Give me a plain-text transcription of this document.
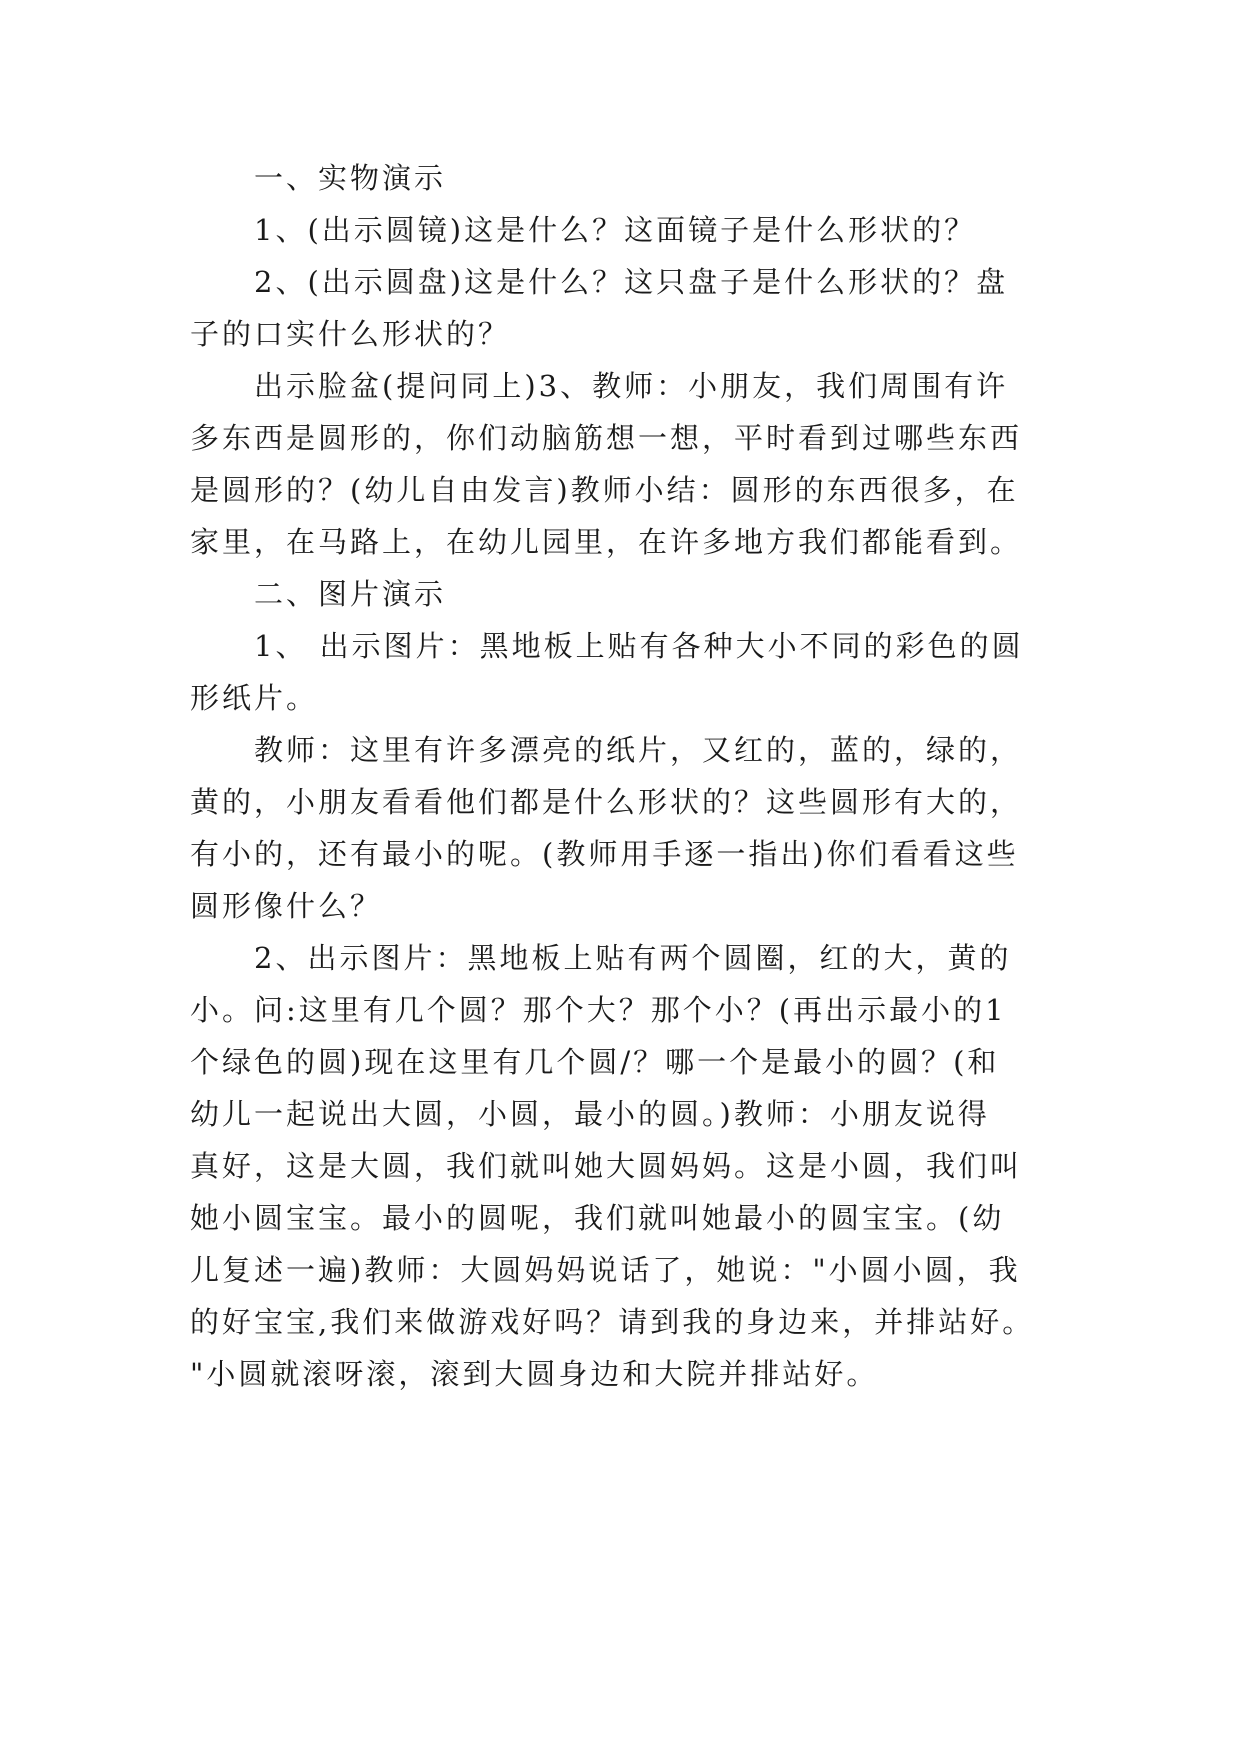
一、实物演示
1、(出示圆镜)这是什么？这面镜子是什么形状的？
2、(出示圆盘)这是什么？这只盘子是什么形状的？盘
子的口实什么形状的？
出示脸盆(提问同上)3、教师：小朋友，我们周围有许
多东西是圆形的，你们动脑筋想一想，平时看到过哪些东西
是圆形的？(幼儿自由发言)教师小结：圆形的东西很多，在
家里，在马路上，在幼儿园里，在许多地方我们都能看到。
二、图片演示
1、 出示图片：黑地板上贴有各种大小不同的彩色的圆
形纸片。
教师：这里有许多漂亮的纸片，又红的，蓝的，绿的，
黄的，小朋友看看他们都是什么形状的？这些圆形有大的，
有小的，还有最小的呢。(教师用手逐一指出)你们看看这些
圆形像什么？
2、出示图片：黑地板上贴有两个圆圈，红的大，黄的
小。问:这里有几个圆？那个大？那个小？(再出示最小的1
个绿色的圆)现在这里有几个圆/？哪一个是最小的圆？(和
幼儿一起说出大圆，小圆，最小的圆。)教师：小朋友说得
真好，这是大圆，我们就叫她大圆妈妈。这是小圆，我们叫
她小圆宝宝。最小的圆呢，我们就叫她最小的圆宝宝。(幼
儿复述一遍)教师：大圆妈妈说话了，她说："小圆小圆，我
的好宝宝,我们来做游戏好吗？请到我的身边来，并排站好。
"小圆就滚呀滚，滚到大圆身边和大院并排站好。
